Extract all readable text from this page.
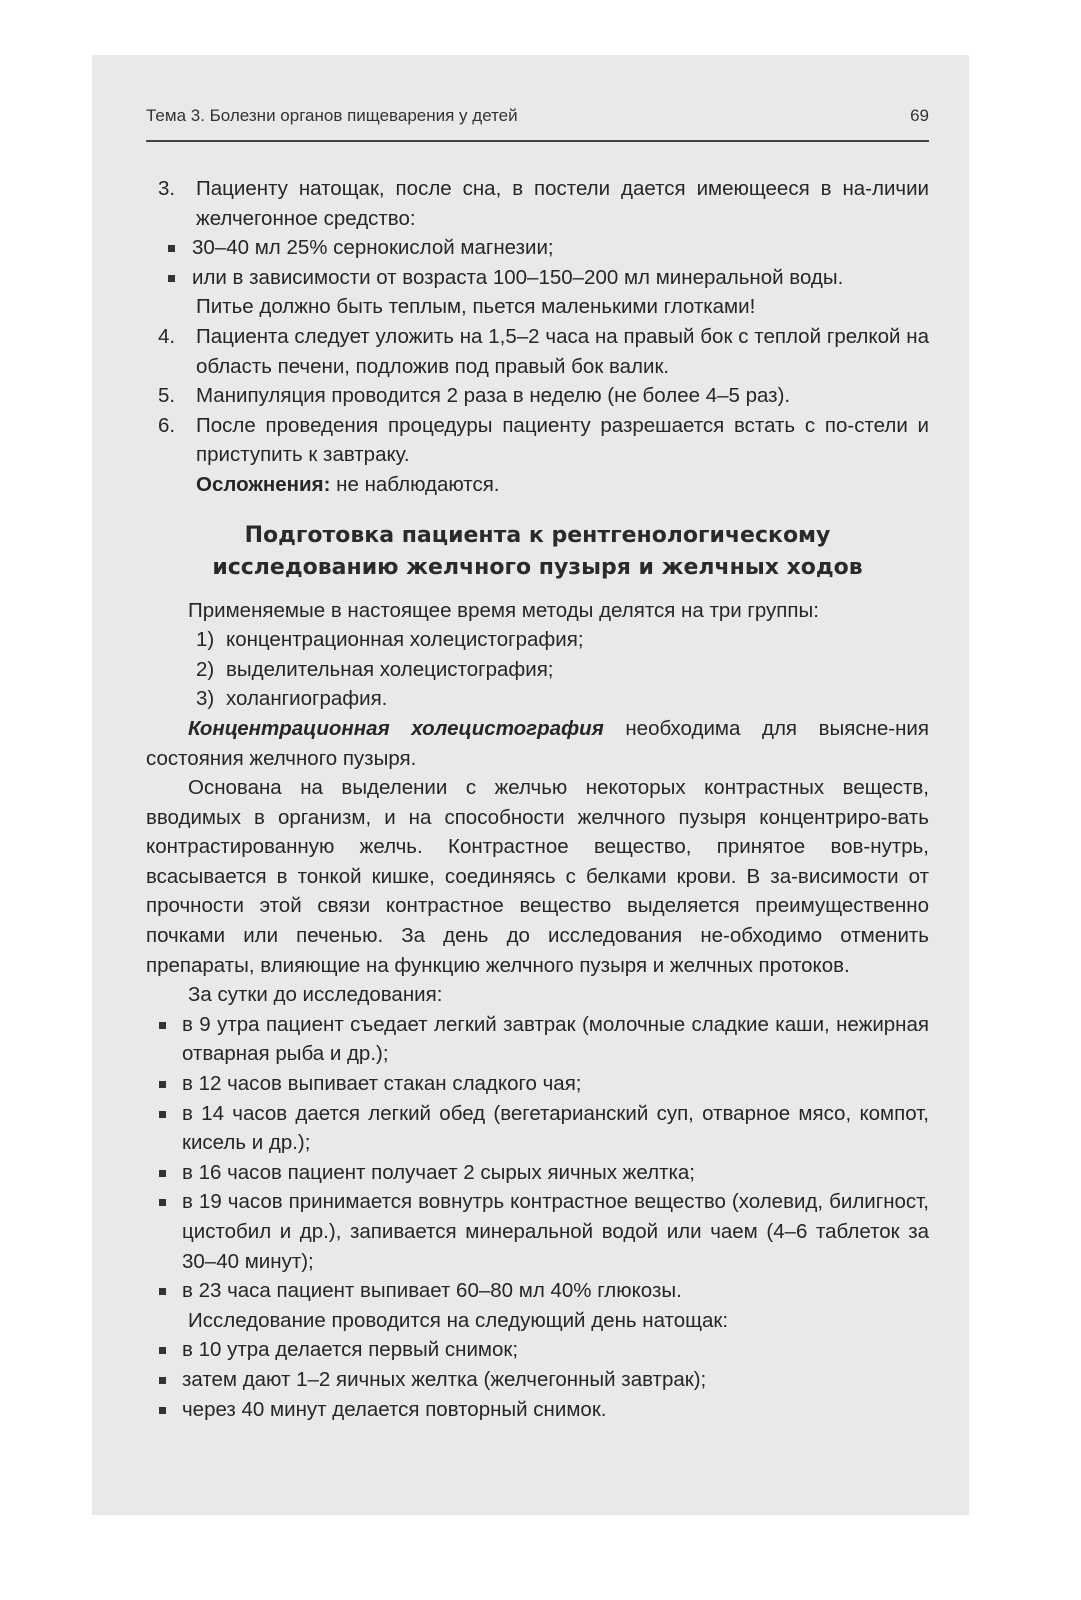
Тема 3. Болезни органов пищеварения у детей	69
3. Пациенту натощак, после сна, в постели дается имеющееся в на-личии желчегонное средство:
30–40 мл 25% сернокислой магнезии;
или в зависимости от возраста 100–150–200 мл минеральной воды.
Питье должно быть теплым, пьется маленькими глотками!
4. Пациента следует уложить на 1,5–2 часа на правый бок с теплой грелкой на область печени, подложив под правый бок валик.
5. Манипуляция проводится 2 раза в неделю (не более 4–5 раз).
6. После проведения процедуры пациенту разрешается встать с по-стели и приступить к завтраку.
Осложнения: не наблюдаются.
Подготовка пациента к рентгенологическому
исследованию желчного пузыря и желчных ходов
Применяемые в настоящее время методы делятся на три группы:
1) концентрационная холецистография;
2) выделительная холецистография;
3) холангиография.
Концентрационная холецистография необходима для выясне-ния состояния желчного пузыря.
Основана на выделении с желчью некоторых контрастных веществ, вводимых в организм, и на способности желчного пузыря концентриро-вать контрастированную желчь. Контрастное вещество, принятое вов-нутрь, всасывается в тонкой кишке, соединяясь с белками крови. В за-висимости от прочности этой связи контрастное вещество выделяется преимущественно почками или печенью. За день до исследования не-обходимо отменить препараты, влияющие на функцию желчного пузыря и желчных протоков.
За сутки до исследования:
в 9 утра пациент съедает легкий завтрак (молочные сладкие каши, нежирная отварная рыба и др.);
в 12 часов выпивает стакан сладкого чая;
в 14 часов дается легкий обед (вегетарианский суп, отварное мясо, компот, кисель и др.);
в 16 часов пациент получает 2 сырых яичных желтка;
в 19 часов принимается вовнутрь контрастное вещество (холевид, билигност, цистобил и др.), запивается минеральной водой или чаем (4–6 таблеток за 30–40 минут);
в 23 часа пациент выпивает 60–80 мл 40% глюкозы.
Исследование проводится на следующий день натощак:
в 10 утра делается первый снимок;
затем дают 1–2 яичных желтка (желчегонный завтрак);
через 40 минут делается повторный снимок.
